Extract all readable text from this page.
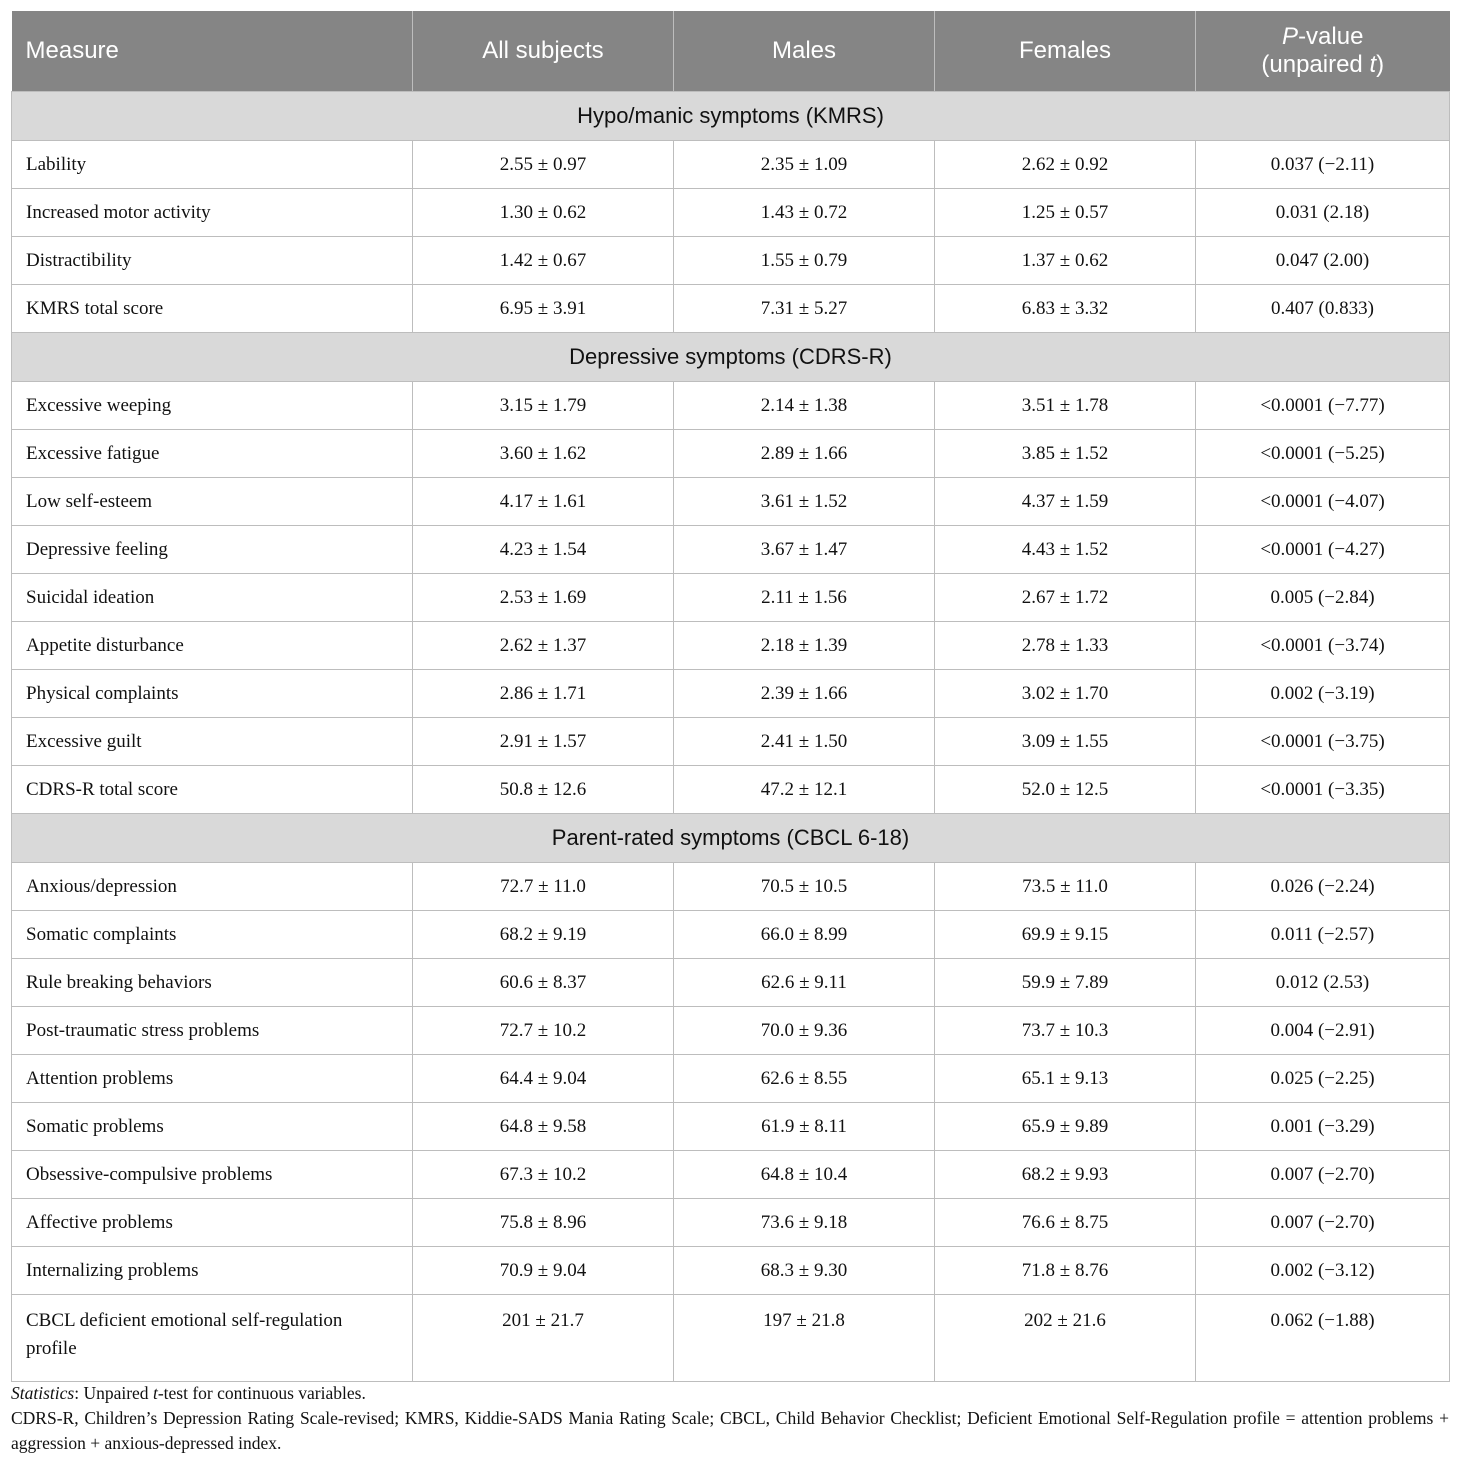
Measure	All subjects	Males	Females	P-value
(unpaired t)
Hypo/manic symptoms (KMRS)				
Lability	2.55 ± 0.97	2.35 ± 1.09	2.62 ± 0.92	0.037 (−2.11)
Increased motor activity	1.30 ± 0.62	1.43 ± 0.72	1.25 ± 0.57	0.031 (2.18)
Distractibility	1.42 ± 0.67	1.55 ± 0.79	1.37 ± 0.62	0.047 (2.00)
KMRS total score	6.95 ± 3.91	7.31 ± 5.27	6.83 ± 3.32	0.407 (0.833)
Depressive symptoms (CDRS-R)				
Excessive weeping	3.15 ± 1.79	2.14 ± 1.38	3.51 ± 1.78	<0.0001 (−7.77)
Excessive fatigue	3.60 ± 1.62	2.89 ± 1.66	3.85 ± 1.52	<0.0001 (−5.25)
Low self-esteem	4.17 ± 1.61	3.61 ± 1.52	4.37 ± 1.59	<0.0001 (−4.07)
Depressive feeling	4.23 ± 1.54	3.67 ± 1.47	4.43 ± 1.52	<0.0001 (−4.27)
Suicidal ideation	2.53 ± 1.69	2.11 ± 1.56	2.67 ± 1.72	0.005 (−2.84)
Appetite disturbance	2.62 ± 1.37	2.18 ± 1.39	2.78 ± 1.33	<0.0001 (−3.74)
Physical complaints	2.86 ± 1.71	2.39 ± 1.66	3.02 ± 1.70	0.002 (−3.19)
Excessive guilt	2.91 ± 1.57	2.41 ± 1.50	3.09 ± 1.55	<0.0001 (−3.75)
CDRS-R total score	50.8 ± 12.6	47.2 ± 12.1	52.0 ± 12.5	<0.0001 (−3.35)
Parent-rated symptoms (CBCL 6-18)				
Anxious/depression	72.7 ± 11.0	70.5 ± 10.5	73.5 ± 11.0	0.026 (−2.24)
Somatic complaints	68.2 ± 9.19	66.0 ± 8.99	69.9 ± 9.15	0.011 (−2.57)
Rule breaking behaviors	60.6 ± 8.37	62.6 ± 9.11	59.9 ± 7.89	0.012 (2.53)
Post-traumatic stress problems	72.7 ± 10.2	70.0 ± 9.36	73.7 ± 10.3	0.004 (−2.91)
Attention problems	64.4 ± 9.04	62.6 ± 8.55	65.1 ± 9.13	0.025 (−2.25)
Somatic problems	64.8 ± 9.58	61.9 ± 8.11	65.9 ± 9.89	0.001 (−3.29)
Obsessive-compulsive problems	67.3 ± 10.2	64.8 ± 10.4	68.2 ± 9.93	0.007 (−2.70)
Affective problems	75.8 ± 8.96	73.6 ± 9.18	76.6 ± 8.75	0.007 (−2.70)
Internalizing problems	70.9 ± 9.04	68.3 ± 9.30	71.8 ± 8.76	0.002 (−3.12)
CBCL deficient emotional self-regulation profile	201 ± 21.7	197 ± 21.8	202 ± 21.6	0.062 (−1.88)

Statistics: Unpaired t-test for continuous variables.

CDRS-R, Children’s Depression Rating Scale-revised; KMRS, Kiddie-SADS Mania Rating Scale; CBCL, Child Behavior Checklist; Deficient Emotional Self-Regulation profile = attention problems + aggression + anxious-depressed index.
